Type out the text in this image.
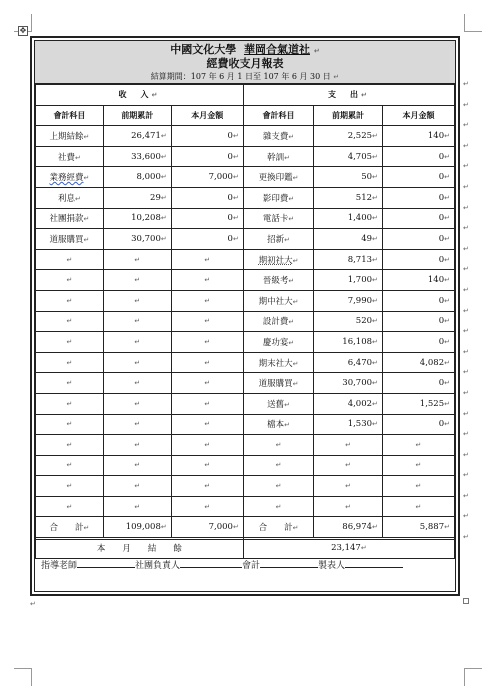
✥
中國文化大學 華岡合氣道社 ↵
經費收支月報表
結算期間：107 年 6 月 1 日至 107 年 6 月 30 日 ↵
收　入↵			支　出↵		
會計科目	前期累計	本月金額	會計科目	前期累計	本月金額
上期結餘↵	26,471↵	0↵	雜支費↵	2,525↵	140↵
社費↵	33,600↵	0↵	幹訓↵	4,705↵	0↵
業務經費↵	8,000↵	7,000↵	更換印鑑↵	50↵	0↵
利息↵	29↵	0↵	影印費↵	512↵	0↵
社團捐款↵	10,208↵	0↵	電話卡↵	1,400↵	0↵
道服購買↵	30,700↵	0↵	招新↵	49↵	0↵
↵	↵	↵	期初社大↵	8,713↵	0↵
↵	↵	↵	晉級考↵	1,700↵	140↵
↵	↵	↵	期中社大↵	7,990↵	0↵
↵	↵	↵	設計費↵	520↵	0↵
↵	↵	↵	慶功宴↵	16,108↵	0↵
↵	↵	↵	期末社大↵	6,470↵	4,082↵
↵	↵	↵	道服購買↵	30,700↵	0↵
↵	↵	↵	送舊↵	4,002↵	1,525↵
↵	↵	↵	檔本↵	1,530↵	0↵
↵	↵	↵	↵	↵	↵
↵	↵	↵	↵	↵	↵
↵	↵	↵	↵	↵	↵
↵	↵	↵	↵	↵	↵
合　　計↵	109,008↵	7,000↵	合　　計↵	86,974↵	5,887↵
本　　月　　結　　餘			23,147↵		
指導老師	社團負責人	會計	製表人
↵
↵
↵
↵
↵
↵
↵
↵
↵
↵
↵
↵
↵
↵
↵
↵
↵
↵
↵
↵
↵
↵
↵
↵
